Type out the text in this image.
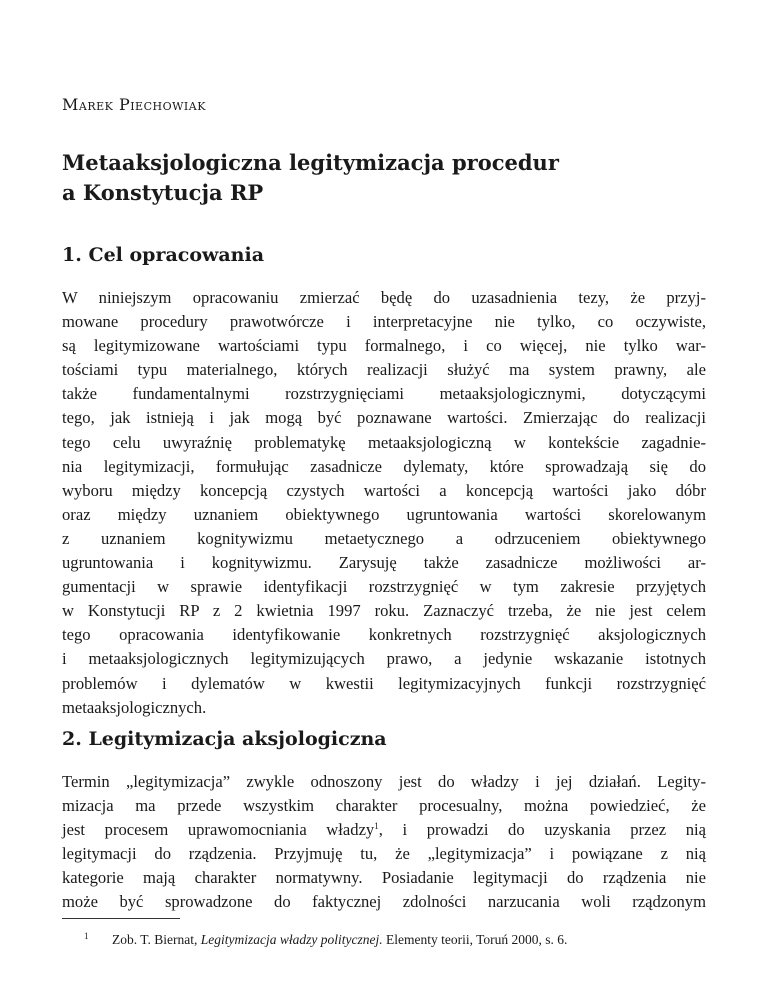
Marek Piechowiak
Metaaksjologiczna legitymizacja procedur
a Konstytucja RP
1. Cel opracowania
W niniejszym opracowaniu zmierzać będę do uzasadnienia tezy, że przyj-
mowane procedury prawotwórcze i interpretacyjne nie tylko, co oczywiste,
są legitymizowane wartościami typu formalnego, i co więcej, nie tylko war-
tościami typu materialnego, których realizacji służyć ma system prawny, ale
także fundamentalnymi rozstrzygnięciami metaaksjologicznymi, dotyczącymi
tego, jak istnieją i jak mogą być poznawane wartości. Zmierzając do realizacji
tego celu uwyraźnię problematykę metaaksjologiczną w kontekście zagadnie-
nia legitymizacji, formułując zasadnicze dylematy, które sprowadzają się do
wyboru między koncepcją czystych wartości a koncepcją wartości jako dóbr
oraz między uznaniem obiektywnego ugruntowania wartości skorelowanym
z uznaniem kognitywizmu metaetycznego a odrzuceniem obiektywnego
ugruntowania i kognitywizmu. Zarysuję także zasadnicze możliwości ar-
gumentacji w sprawie identyfikacji rozstrzygnięć w tym zakresie przyjętych
w Konstytucji RP z 2 kwietnia 1997 roku. Zaznaczyć trzeba, że nie jest celem
tego opracowania identyfikowanie konkretnych rozstrzygnięć aksjologicznych
i metaaksjologicznych legitymizujących prawo, a jedynie wskazanie istotnych
problemów i dylematów w kwestii legitymizacyjnych funkcji rozstrzygnięć
metaaksjologicznych.
2. Legitymizacja aksjologiczna
Termin „legitymizacja” zwykle odnoszony jest do władzy i jej działań. Legity-
mizacja ma przede wszystkim charakter procesualny, można powiedzieć, że
jest procesem uprawomocniania władzy$^1$, i prowadzi do uzyskania przez nią
legitymacji do rządzenia. Przyjmuję tu, że „legitymizacja” i powiązane z nią
kategorie mają charakter normatywny. Posiadanie legitymacji do rządzenia nie
może być sprowadzone do faktycznej zdolności narzucania woli rządzonym
1 Zob. T. Biernat, Legitymizacja władzy politycznej. Elementy teorii, Toruń 2000, s. 6.
